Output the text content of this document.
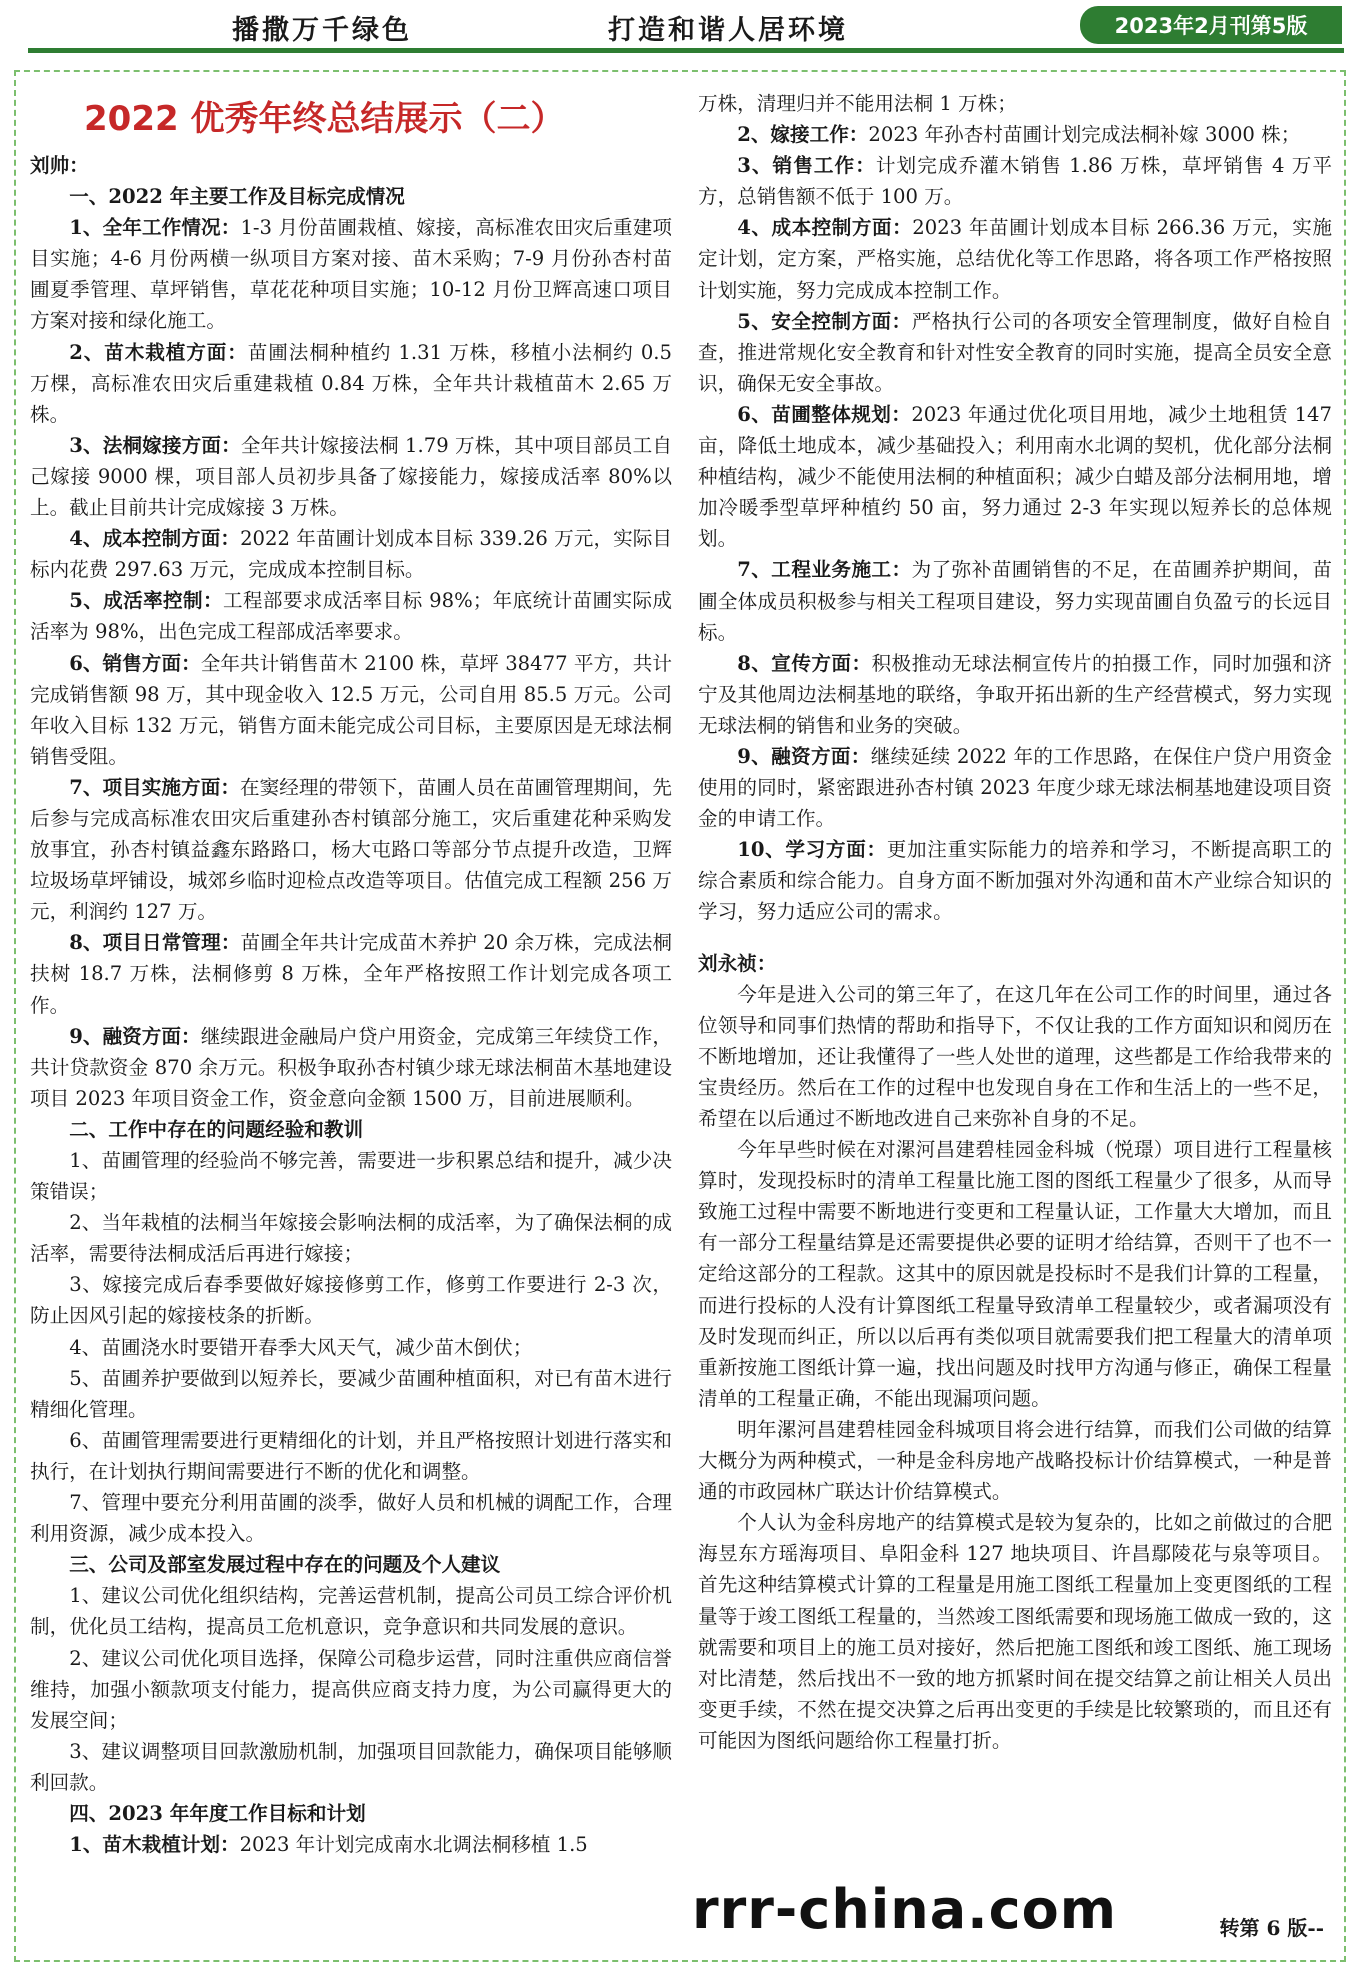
播撒万千绿色	打造和谐人居环境	2023年2月刊第5版
2022 优秀年终总结展示（二）

刘帅：

一、2022 年主要工作及目标完成情况

1、全年工作情况：1-3 月份苗圃栽植、嫁接，高标准农田灾后重建项目实施；4-6 月份两横一纵项目方案对接、苗木采购；7-9 月份孙杏村苗圃夏季管理、草坪销售，草花花种项目实施；10-12 月份卫辉高速口项目方案对接和绿化施工。

2、苗木栽植方面：苗圃法桐种植约 1.31 万株，移植小法桐约 0.5 万棵，高标准农田灾后重建栽植 0.84 万株，全年共计栽植苗木 2.65 万株。

3、法桐嫁接方面：全年共计嫁接法桐 1.79 万株，其中项目部员工自己嫁接 9000 棵，项目部人员初步具备了嫁接能力，嫁接成活率 80%以上。截止目前共计完成嫁接 3 万株。

4、成本控制方面：2022 年苗圃计划成本目标 339.26 万元，实际目标内花费 297.63 万元，完成成本控制目标。

5、成活率控制：工程部要求成活率目标 98%；年底统计苗圃实际成活率为 98%，出色完成工程部成活率要求。

6、销售方面：全年共计销售苗木 2100 株，草坪 38477 平方，共计完成销售额 98 万，其中现金收入 12.5 万元，公司自用 85.5 万元。公司年收入目标 132 万元，销售方面未能完成公司目标，主要原因是无球法桐销售受阻。

7、项目实施方面：在窦经理的带领下，苗圃人员在苗圃管理期间，先后参与完成高标准农田灾后重建孙杏村镇部分施工，灾后重建花种采购发放事宜，孙杏村镇益鑫东路路口，杨大屯路口等部分节点提升改造，卫辉垃圾场草坪铺设，城郊乡临时迎检点改造等项目。估值完成工程额 256 万元，利润约 127 万。

8、项目日常管理：苗圃全年共计完成苗木养护 20 余万株，完成法桐扶树 18.7 万株，法桐修剪 8 万株，全年严格按照工作计划完成各项工作。

9、融资方面：继续跟进金融局户贷户用资金，完成第三年续贷工作，共计贷款资金 870 余万元。积极争取孙杏村镇少球无球法桐苗木基地建设项目 2023 年项目资金工作，资金意向金额 1500 万，目前进展顺利。

二、工作中存在的问题经验和教训

1、苗圃管理的经验尚不够完善，需要进一步积累总结和提升，减少决策错误；

2、当年栽植的法桐当年嫁接会影响法桐的成活率，为了确保法桐的成活率，需要待法桐成活后再进行嫁接；

3、嫁接完成后春季要做好嫁接修剪工作，修剪工作要进行 2-3 次，防止因风引起的嫁接枝条的折断。

4、苗圃浇水时要错开春季大风天气，减少苗木倒伏；

5、苗圃养护要做到以短养长，要减少苗圃种植面积，对已有苗木进行精细化管理。

6、苗圃管理需要进行更精细化的计划，并且严格按照计划进行落实和执行，在计划执行期间需要进行不断的优化和调整。

7、管理中要充分利用苗圃的淡季，做好人员和机械的调配工作，合理利用资源，减少成本投入。

三、公司及部室发展过程中存在的问题及个人建议

1、建议公司优化组织结构，完善运营机制，提高公司员工综合评价机制，优化员工结构，提高员工危机意识，竞争意识和共同发展的意识。

2、建议公司优化项目选择，保障公司稳步运营，同时注重供应商信誉维持，加强小额款项支付能力，提高供应商支持力度，为公司赢得更大的发展空间；

3、建议调整项目回款激励机制，加强项目回款能力，确保项目能够顺利回款。

四、2023 年年度工作目标和计划

1、苗木栽植计划：2023 年计划完成南水北调法桐移植 1.5

万株，清理归并不能用法桐 1 万株；

2、嫁接工作：2023 年孙杏村苗圃计划完成法桐补嫁 3000 株；

3、销售工作：计划完成乔灌木销售 1.86 万株，草坪销售 4 万平方，总销售额不低于 100 万。

4、成本控制方面：2023 年苗圃计划成本目标 266.36 万元，实施定计划，定方案，严格实施，总结优化等工作思路，将各项工作严格按照计划实施，努力完成成本控制工作。

5、安全控制方面：严格执行公司的各项安全管理制度，做好自检自查，推进常规化安全教育和针对性安全教育的同时实施，提高全员安全意识，确保无安全事故。

6、苗圃整体规划：2023 年通过优化项目用地，减少土地租赁 147 亩，降低土地成本，减少基础投入；利用南水北调的契机，优化部分法桐种植结构，减少不能使用法桐的种植面积；减少白蜡及部分法桐用地，增加冷暖季型草坪种植约 50 亩，努力通过 2-3 年实现以短养长的总体规划。

7、工程业务施工：为了弥补苗圃销售的不足，在苗圃养护期间，苗圃全体成员积极参与相关工程项目建设，努力实现苗圃自负盈亏的长远目标。

8、宣传方面：积极推动无球法桐宣传片的拍摄工作，同时加强和济宁及其他周边法桐基地的联络，争取开拓出新的生产经营模式，努力实现无球法桐的销售和业务的突破。

9、融资方面：继续延续 2022 年的工作思路，在保住户贷户用资金使用的同时，紧密跟进孙杏村镇 2023 年度少球无球法桐基地建设项目资金的申请工作。

10、学习方面：更加注重实际能力的培养和学习，不断提高职工的综合素质和综合能力。自身方面不断加强对外沟通和苗木产业综合知识的学习，努力适应公司的需求。

刘永祯：

今年是进入公司的第三年了，在这几年在公司工作的时间里，通过各位领导和同事们热情的帮助和指导下，不仅让我的工作方面知识和阅历在不断地增加，还让我懂得了一些人处世的道理，这些都是工作给我带来的宝贵经历。然后在工作的过程中也发现自身在工作和生活上的一些不足，希望在以后通过不断地改进自己来弥补自身的不足。

今年早些时候在对漯河昌建碧桂园金科城（悦璟）项目进行工程量核算时，发现投标时的清单工程量比施工图的图纸工程量少了很多，从而导致施工过程中需要不断地进行变更和工程量认证，工作量大大增加，而且有一部分工程量结算是还需要提供必要的证明才给结算，否则干了也不一定给这部分的工程款。这其中的原因就是投标时不是我们计算的工程量，而进行投标的人没有计算图纸工程量导致清单工程量较少，或者漏项没有及时发现而纠正，所以以后再有类似项目就需要我们把工程量大的清单项重新按施工图纸计算一遍，找出问题及时找甲方沟通与修正，确保工程量清单的工程量正确，不能出现漏项问题。

明年漯河昌建碧桂园金科城项目将会进行结算，而我们公司做的结算大概分为两种模式，一种是金科房地产战略投标计价结算模式，一种是普通的市政园林广联达计价结算模式。

个人认为金科房地产的结算模式是较为复杂的，比如之前做过的合肥海昱东方瑶海项目、阜阳金科 127 地块项目、许昌鄢陵花与泉等项目。首先这种结算模式计算的工程量是用施工图纸工程量加上变更图纸的工程量等于竣工图纸工程量的，当然竣工图纸需要和现场施工做成一致的，这就需要和项目上的施工员对接好，然后把施工图纸和竣工图纸、施工现场对比清楚，然后找出不一致的地方抓紧时间在提交结算之前让相关人员出变更手续，不然在提交决算之后再出变更的手续是比较繁琐的，而且还有可能因为图纸问题给你工程量打折。

rrr-china.com	转第 6 版--
